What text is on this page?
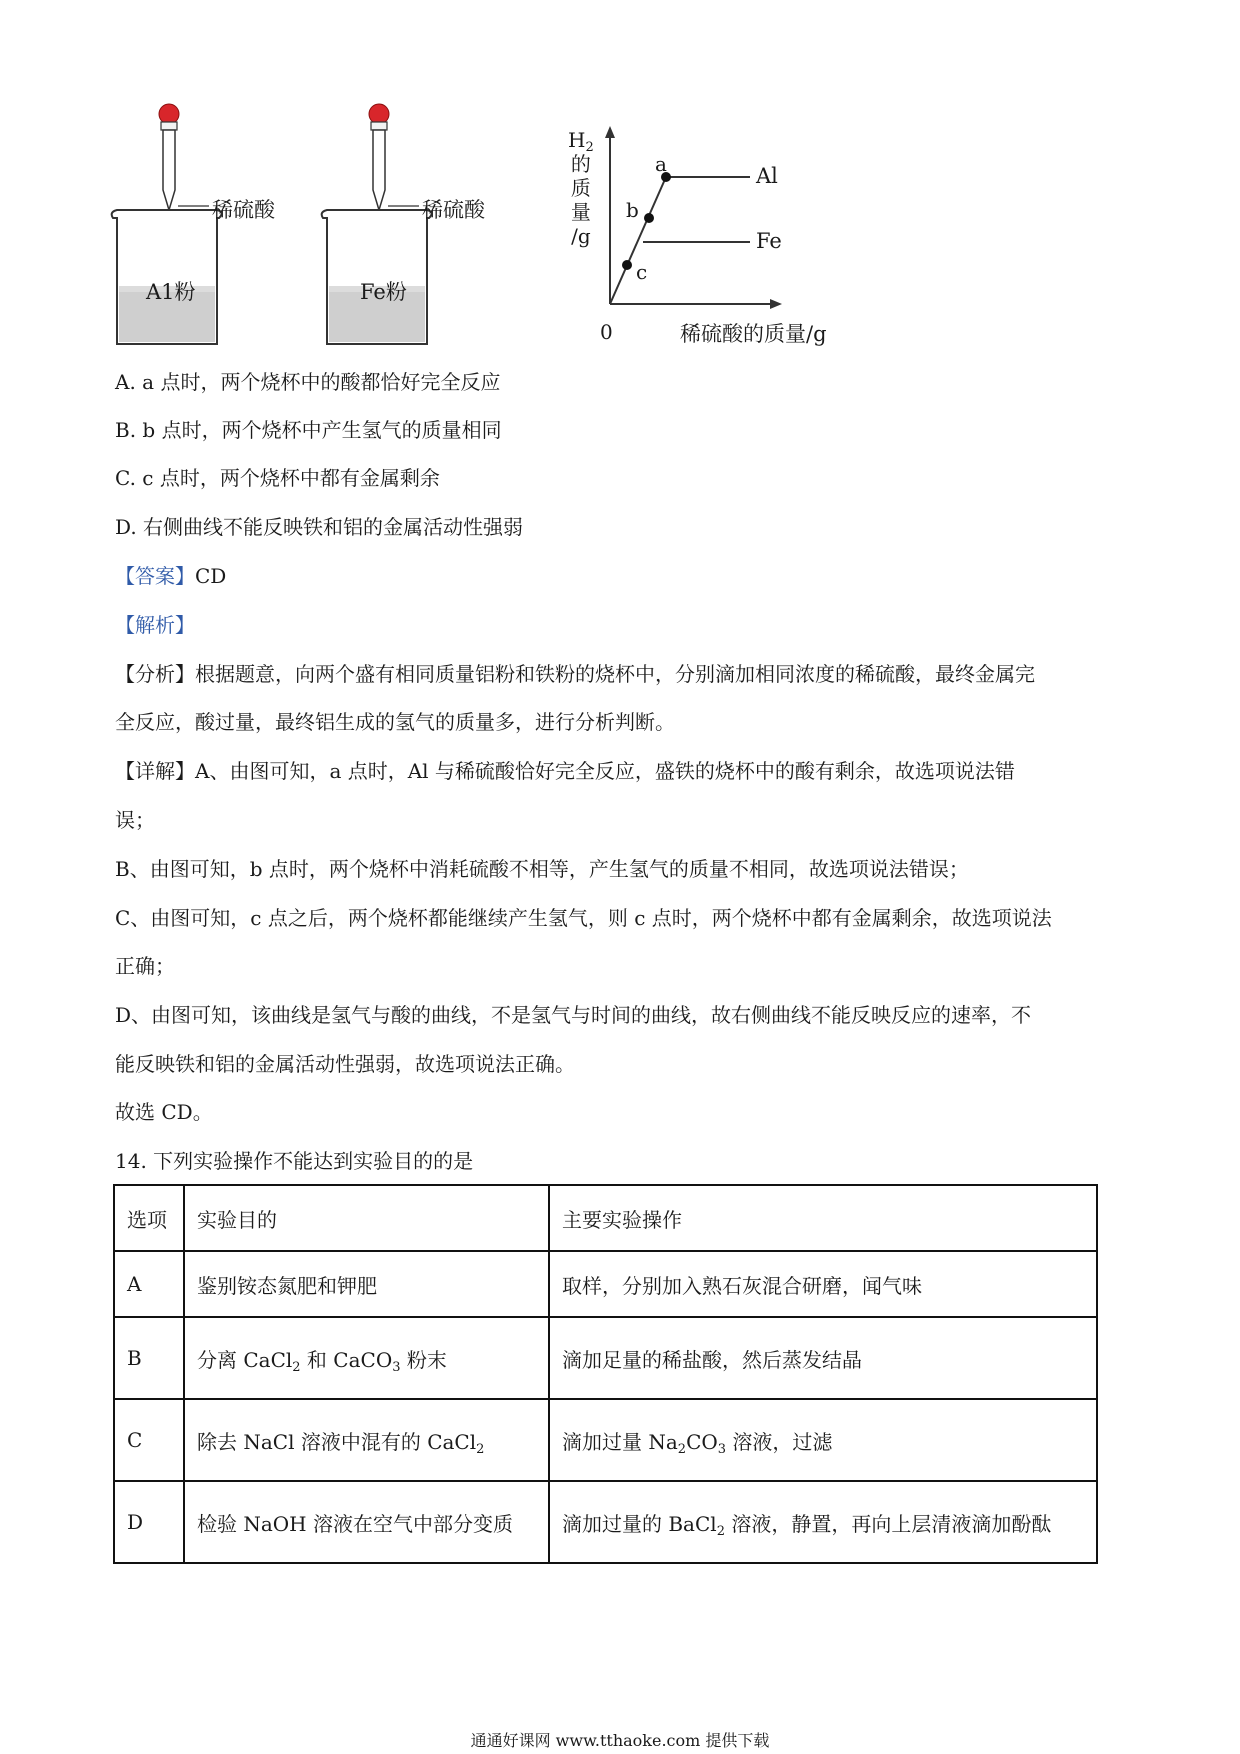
稀硫酸
A1粉
稀硫酸
Fe粉
$H_2$
的
质
量
/g
0	稀硫酸的质量/g
a
b
c
Al
Fe
A. a 点时，两个烧杯中的酸都恰好完全反应
B. b 点时，两个烧杯中产生氢气的质量相同
C. c 点时，两个烧杯中都有金属剩余
D. 右侧曲线不能反映铁和铝的金属活动性强弱
【答案】CD
【解析】
【分析】根据题意，向两个盛有相同质量铝粉和铁粉的烧杯中，分别滴加相同浓度的稀硫酸，最终金属完
全反应，酸过量，最终铝生成的氢气的质量多，进行分析判断。
【详解】A、由图可知，a 点时，Al 与稀硫酸恰好完全反应，盛铁的烧杯中的酸有剩余，故选项说法错
误；
B、由图可知，b 点时，两个烧杯中消耗硫酸不相等，产生氢气的质量不相同，故选项说法错误；
C、由图可知，c 点之后，两个烧杯都能继续产生氢气，则 c 点时，两个烧杯中都有金属剩余，故选项说法
正确；
D、由图可知，该曲线是氢气与酸的曲线，不是氢气与时间的曲线，故右侧曲线不能反映反应的速率，不
能反映铁和铝的金属活动性强弱，故选项说法正确。
故选 CD。
14. 下列实验操作不能达到实验目的的是
选项	实验目的	主要实验操作
A	鉴别铵态氮肥和钾肥	取样，分别加入熟石灰混合研磨，闻气味
B	分离 CaCl$_2$ 和 CaCO$_3$ 粉末	滴加足量的稀盐酸，然后蒸发结晶
C	除去 NaCl 溶液中混有的 CaCl$_2$	滴加过量 $Na_2CO_3$ 溶液，过滤
D	检验 NaOH 溶液在空气中部分变质	滴加过量的 BaCl$_2$ 溶液，静置，再向上层清液滴加酚酞
通通好课网 www.tthaoke.com 提供下载
